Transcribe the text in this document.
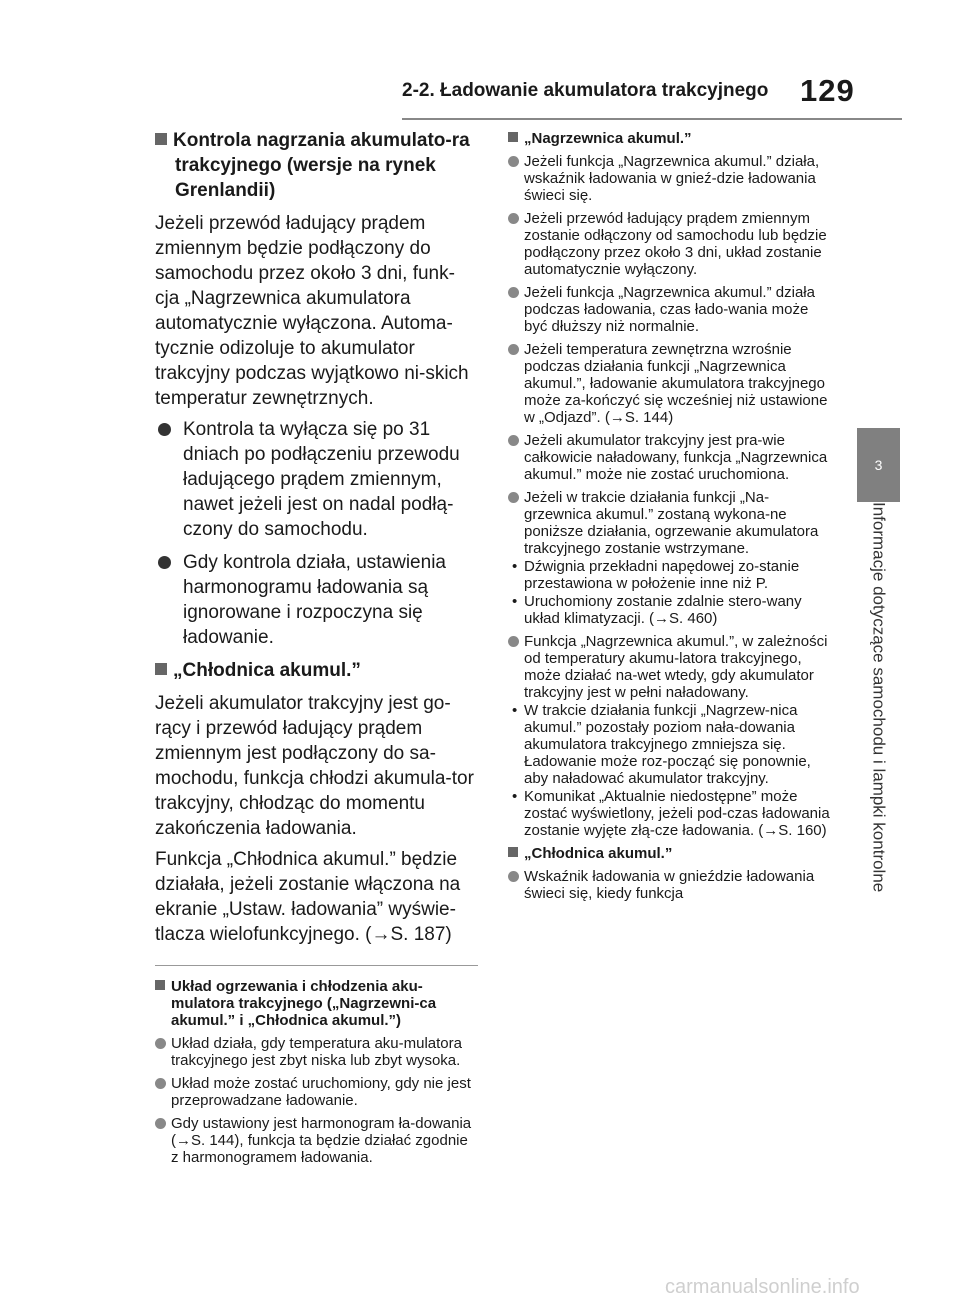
2-2. Ładowanie akumulatora trakcyjnego 129
3
Informacje dotyczące samochodu i lampki kontrolne
Kontrola nagrzania akumulato-ra trakcyjnego (wersje na rynek Grenlandii)

Jeżeli przewód ładujący prądem zmiennym będzie podłączony do samochodu przez około 3 dni, funk-cja „Nagrzewnica akumulatora automatycznie wyłączona. Automa-tycznie odizoluje to akumulator trakcyjny podczas wyjątkowo ni-skich temperatur zewnętrznych.

Kontrola ta wyłącza się po 31 dniach po podłączeniu przewodu ładującego prądem zmiennym, nawet jeżeli jest on nadal podłą-czony do samochodu.
Gdy kontrola działa, ustawienia harmonogramu ładowania są ignorowane i rozpoczyna się ładowanie.
„Chłodnica akumul.”

Jeżeli akumulator trakcyjny jest go-rący i przewód ładujący prądem zmiennym jest podłączony do sa-mochodu, funkcja chłodzi akumula-tor trakcyjny, chłodząc do momentu zakończenia ładowania.

Funkcja „Chłodnica akumul.” będzie działała, jeżeli zostanie włączona na ekranie „Ustaw. ładowania” wyświe-tlacza wielofunkcyjnego. (→S. 187)

Układ ogrzewania i chłodzenia aku-mulatora trakcyjnego („Nagrzewni-ca akumul.” i „Chłodnica akumul.”)
Układ działa, gdy temperatura aku-mulatora trakcyjnego jest zbyt niska lub zbyt wysoka.
Układ może zostać uruchomiony, gdy nie jest przeprowadzane ładowanie.
Gdy ustawiony jest harmonogram ła-dowania (→S. 144), funkcja ta będzie działać zgodnie z harmonogramem ładowania.
„Nagrzewnica akumul.”
Jeżeli funkcja „Nagrzewnica akumul.” działa, wskaźnik ładowania w gnieź-dzie ładowania świeci się.
Jeżeli przewód ładujący prądem zmiennym zostanie odłączony od samochodu lub będzie podłączony przez około 3 dni, układ zostanie automatycznie wyłączony.
Jeżeli funkcja „Nagrzewnica akumul.” działa podczas ładowania, czas łado-wania może być dłuższy niż normalnie.
Jeżeli temperatura zewnętrzna wzrośnie podczas działania funkcji „Nagrzewnica akumul.”, ładowanie akumulatora trakcyjnego może za-kończyć się wcześniej niż ustawione w „Odjazd”. (→S. 144)
Jeżeli akumulator trakcyjny jest pra-wie całkowicie naładowany, funkcja „Nagrzewnica akumul.” może nie zostać uruchomiona.
Jeżeli w trakcie działania funkcji „Na-grzewnica akumul.” zostaną wykona-ne poniższe działania, ogrzewanie akumulatora trakcyjnego zostanie wstrzymane.
• Dźwignia przekładni napędowej zo-stanie przestawiona w położenie inne niż P.
• Uruchomiony zostanie zdalnie stero-wany układ klimatyzacji. (→S. 460)
Funkcja „Nagrzewnica akumul.”, w zależności od temperatury akumu-latora trakcyjnego, może działać na-wet wtedy, gdy akumulator trakcyjny jest w pełni naładowany.
• W trakcie działania funkcji „Nagrzew-nica akumul.” pozostały poziom nała-dowania akumulatora trakcyjnego zmniejsza się. Ładowanie może roz-począć się ponownie, aby naładować akumulator trakcyjny.
• Komunikat „Aktualnie niedostępne” może zostać wyświetlony, jeżeli pod-czas ładowania zostanie wyjęte złą-cze ładowania. (→S. 160)
„Chłodnica akumul.”
Wskaźnik ładowania w gnieździe ładowania świeci się, kiedy funkcja
carmanualsonline.info
